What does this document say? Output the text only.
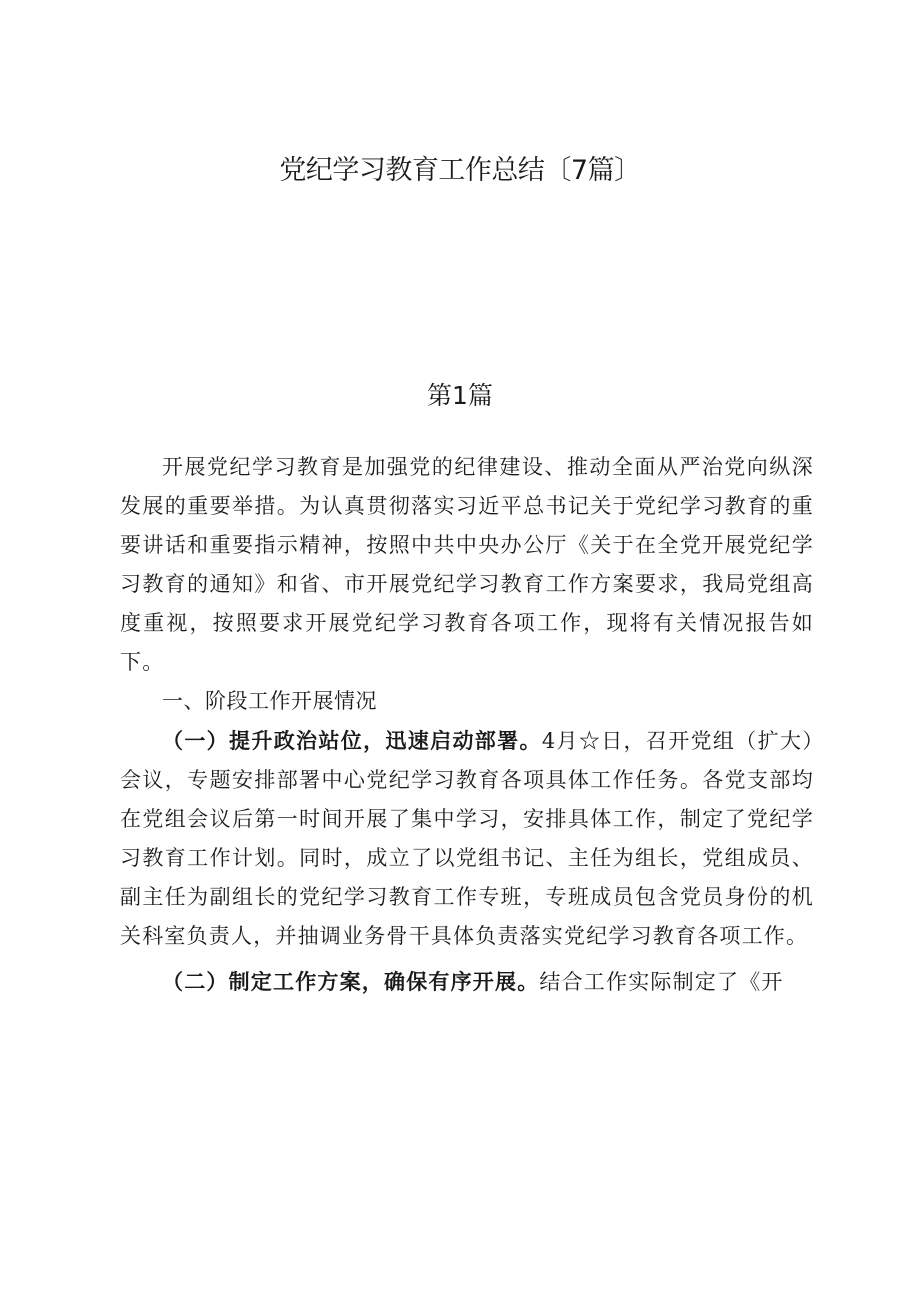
党纪学习教育工作总结〔7篇〕
第1篇

开展党纪学习教育是加强党的纪律建设、推动全面从严治党向纵深发展的重要举措。为认真贯彻落实习近平总书记关于党纪学习教育的重要讲话和重要指示精神，按照中共中央办公厅《关于在全党开展党纪学习教育的通知》和省、市开展党纪学习教育工作方案要求，我局党组高度重视，按照要求开展党纪学习教育各项工作，现将有关情况报告如下。

一、阶段工作开展情况

（一）提升政治站位，迅速启动部署。4月☆日，召开党组（扩大）会议，专题安排部署中心党纪学习教育各项具体工作任务。各党支部均在党组会议后第一时间开展了集中学习，安排具体工作，制定了党纪学习教育工作计划。同时，成立了以党组书记、主任为组长，党组成员、副主任为副组长的党纪学习教育工作专班，专班成员包含党员身份的机关科室负责人，并抽调业务骨干具体负责落实党纪学习教育各项工作。

（二）制定工作方案，确保有序开展。结合工作实际制定了《开
